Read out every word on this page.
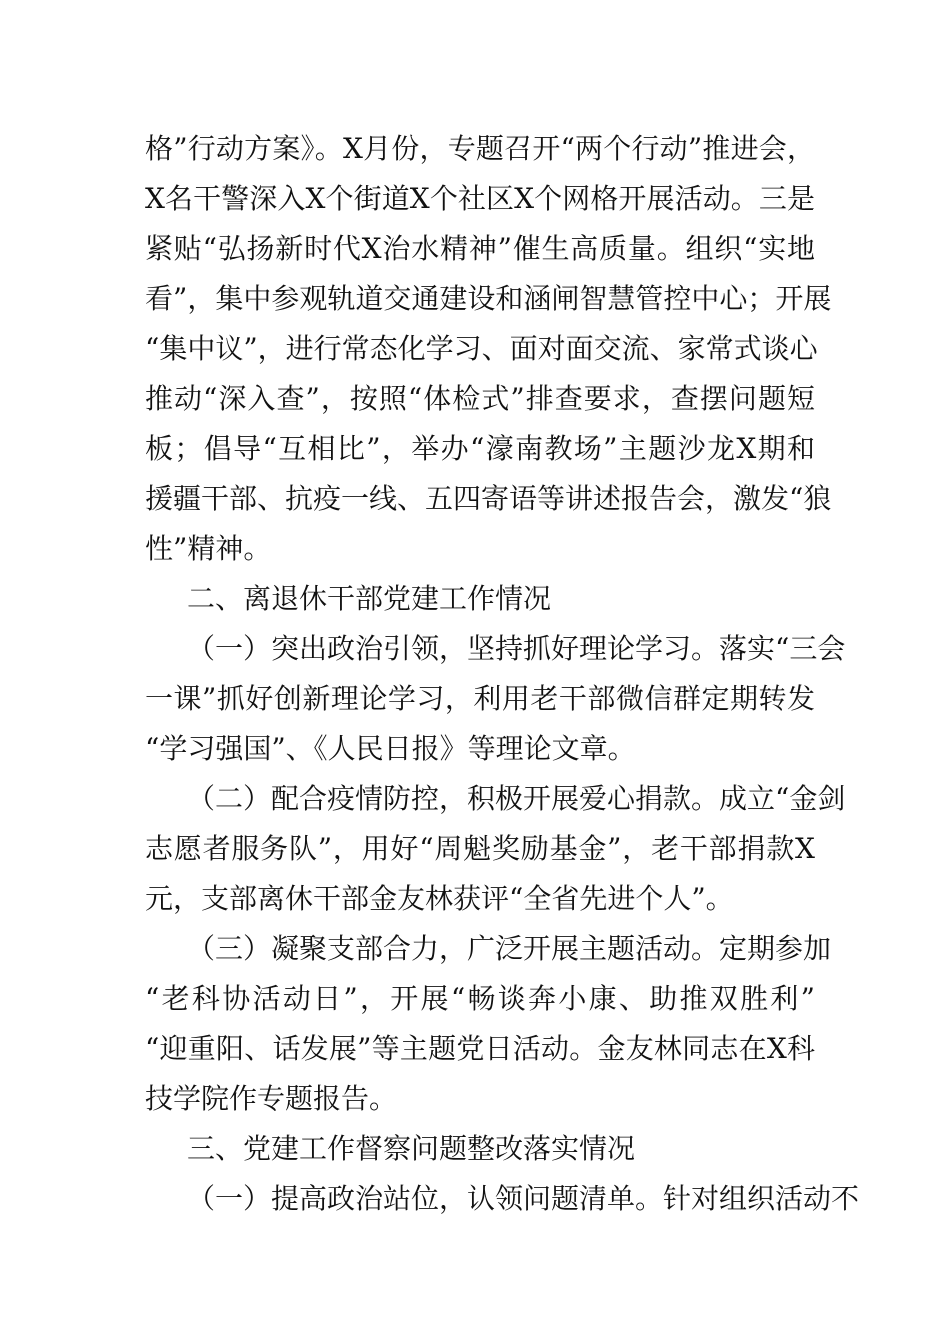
格”行动方案》。X月份，专题召开“两个行动”推进会，
X名干警深入X个街道X个社区X个网格开展活动。三是
紧贴“弘扬新时代X治水精神”催生高质量。组织“实地
看”，集中参观轨道交通建设和涵闸智慧管控中心；开展
“集中议”，进行常态化学习、面对面交流、家常式谈心
推动“深入查”，按照“体检式”排查要求，查摆问题短
板；倡导“互相比”，举办“濠南教场”主题沙龙X期和
援疆干部、抗疫一线、五四寄语等讲述报告会，激发“狼
性”精神。
二、离退休干部党建工作情况
（一）突出政治引领，坚持抓好理论学习。落实“三会
一课”抓好创新理论学习，利用老干部微信群定期转发
“学习强国”、《人民日报》等理论文章。
（二）配合疫情防控，积极开展爱心捐款。成立“金剑
志愿者服务队”，用好“周魁奖励基金”，老干部捐款X
元，支部离休干部金友林获评“全省先进个人”。
（三）凝聚支部合力，广泛开展主题活动。定期参加
“老科协活动日”，开展“畅谈奔小康、助推双胜利”
“迎重阳、话发展”等主题党日活动。金友林同志在X科
技学院作专题报告。
三、党建工作督察问题整改落实情况
（一）提高政治站位，认领问题清单。针对组织活动不
